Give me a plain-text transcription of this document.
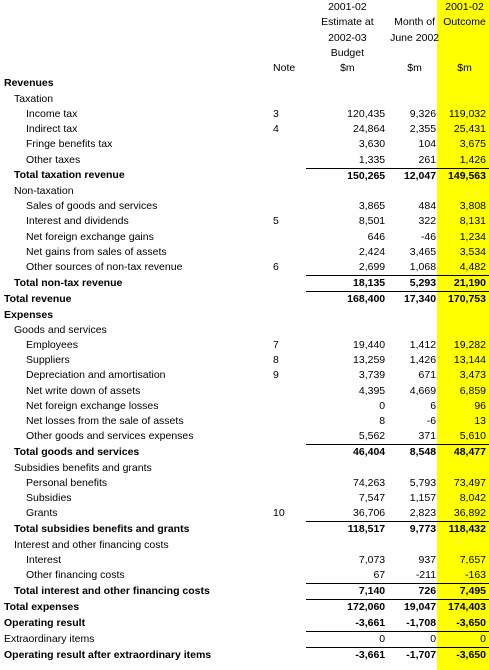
		2001-02		2001-02
		Estimate at	Month of	Outcome
		2002-03	June 2002	
		Budget		
	Note	$m	$m	$m
Revenues				
Taxation				
Income tax	3	120,435	9,326	119,032
Indirect tax	4	24,864	2,355	25,431
Fringe benefits tax		3,630	104	3,675
Other taxes		1,335	261	1,426
Total taxation revenue		150,265	12,047	149,563
Non-taxation				
Sales of goods and services		3,865	484	3,808
Interest and dividends	5	8,501	322	8,131
Net foreign exchange gains		646	-46	1,234
Net gains from sales of assets		2,424	3,465	3,534
Other sources of non-tax revenue	6	2,699	1,068	4,482
Total non-tax revenue		18,135	5,293	21,190
Total revenue		168,400	17,340	170,753
Expenses				
Goods and services				
Employees	7	19,440	1,412	19,282
Suppliers	8	13,259	1,426	13,144
Depreciation and amortisation	9	3,739	671	3,473
Net write down of assets		4,395	4,669	6,859
Net foreign exchange losses		0	6	96
Net losses from the sale of assets		8	-6	13
Other goods and services expenses		5,562	371	5,610
Total goods and services		46,404	8,548	48,477
Subsidies benefits and grants				
Personal benefits		74,263	5,793	73,497
Subsidies		7,547	1,157	8,042
Grants	10	36,706	2,823	36,892
Total subsidies benefits and grants		118,517	9,773	118,432
Interest and other financing costs				
Interest		7,073	937	7,657
Other financing costs		67	-211	-163
Total interest and other financing costs		7,140	726	7,495
Total expenses		172,060	19,047	174,403
Operating result		-3,661	-1,708	-3,650
Extraordinary items		0	0	0
Operating result after extraordinary items		-3,661	-1,707	-3,650
